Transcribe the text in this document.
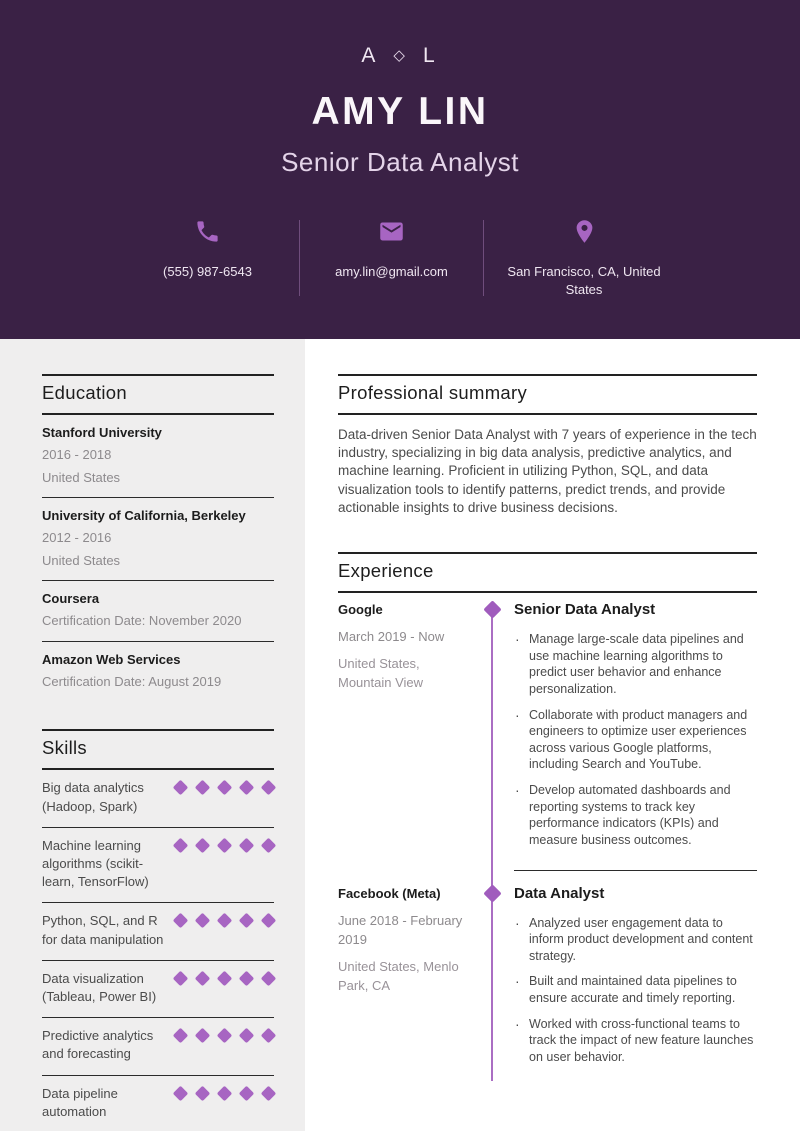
A ◇ L
AMY LIN
Senior Data Analyst
(555) 987-6543	amy.lin@gmail.com	San Francisco, CA, United States
Education
Stanford University
2016 - 2018
United States
University of California, Berkeley
2012 - 2016
United States
Coursera
Certification Date: November 2020
Amazon Web Services
Certification Date: August 2019
Skills
Big data analytics (Hadoop, Spark)
Machine learning algorithms (scikit-learn, TensorFlow)
Python, SQL, and R for data manipulation
Data visualization (Tableau, Power BI)
Predictive analytics and forecasting
Data pipeline automation
Professional summary

Data-driven Senior Data Analyst with 7 years of experience in the tech industry, specializing in big data analysis, predictive analytics, and machine learning. Proficient in utilizing Python, SQL, and data visualization tools to identify patterns, predict trends, and provide actionable insights to drive business decisions.

Experience
Google
March 2019 - Now
United States, Mountain View
Senior Data Analyst
· Manage large-scale data pipelines and use machine learning algorithms to predict user behavior and enhance personalization.
· Collaborate with product managers and engineers to optimize user experiences across various Google platforms, including Search and YouTube.
· Develop automated dashboards and reporting systems to track key performance indicators (KPIs) and measure business outcomes.
Facebook (Meta)
June 2018 - February 2019
United States, Menlo Park, CA
Data Analyst
· Analyzed user engagement data to inform product development and content strategy.
· Built and maintained data pipelines to ensure accurate and timely reporting.
· Worked with cross-functional teams to track the impact of new feature launches on user behavior.
